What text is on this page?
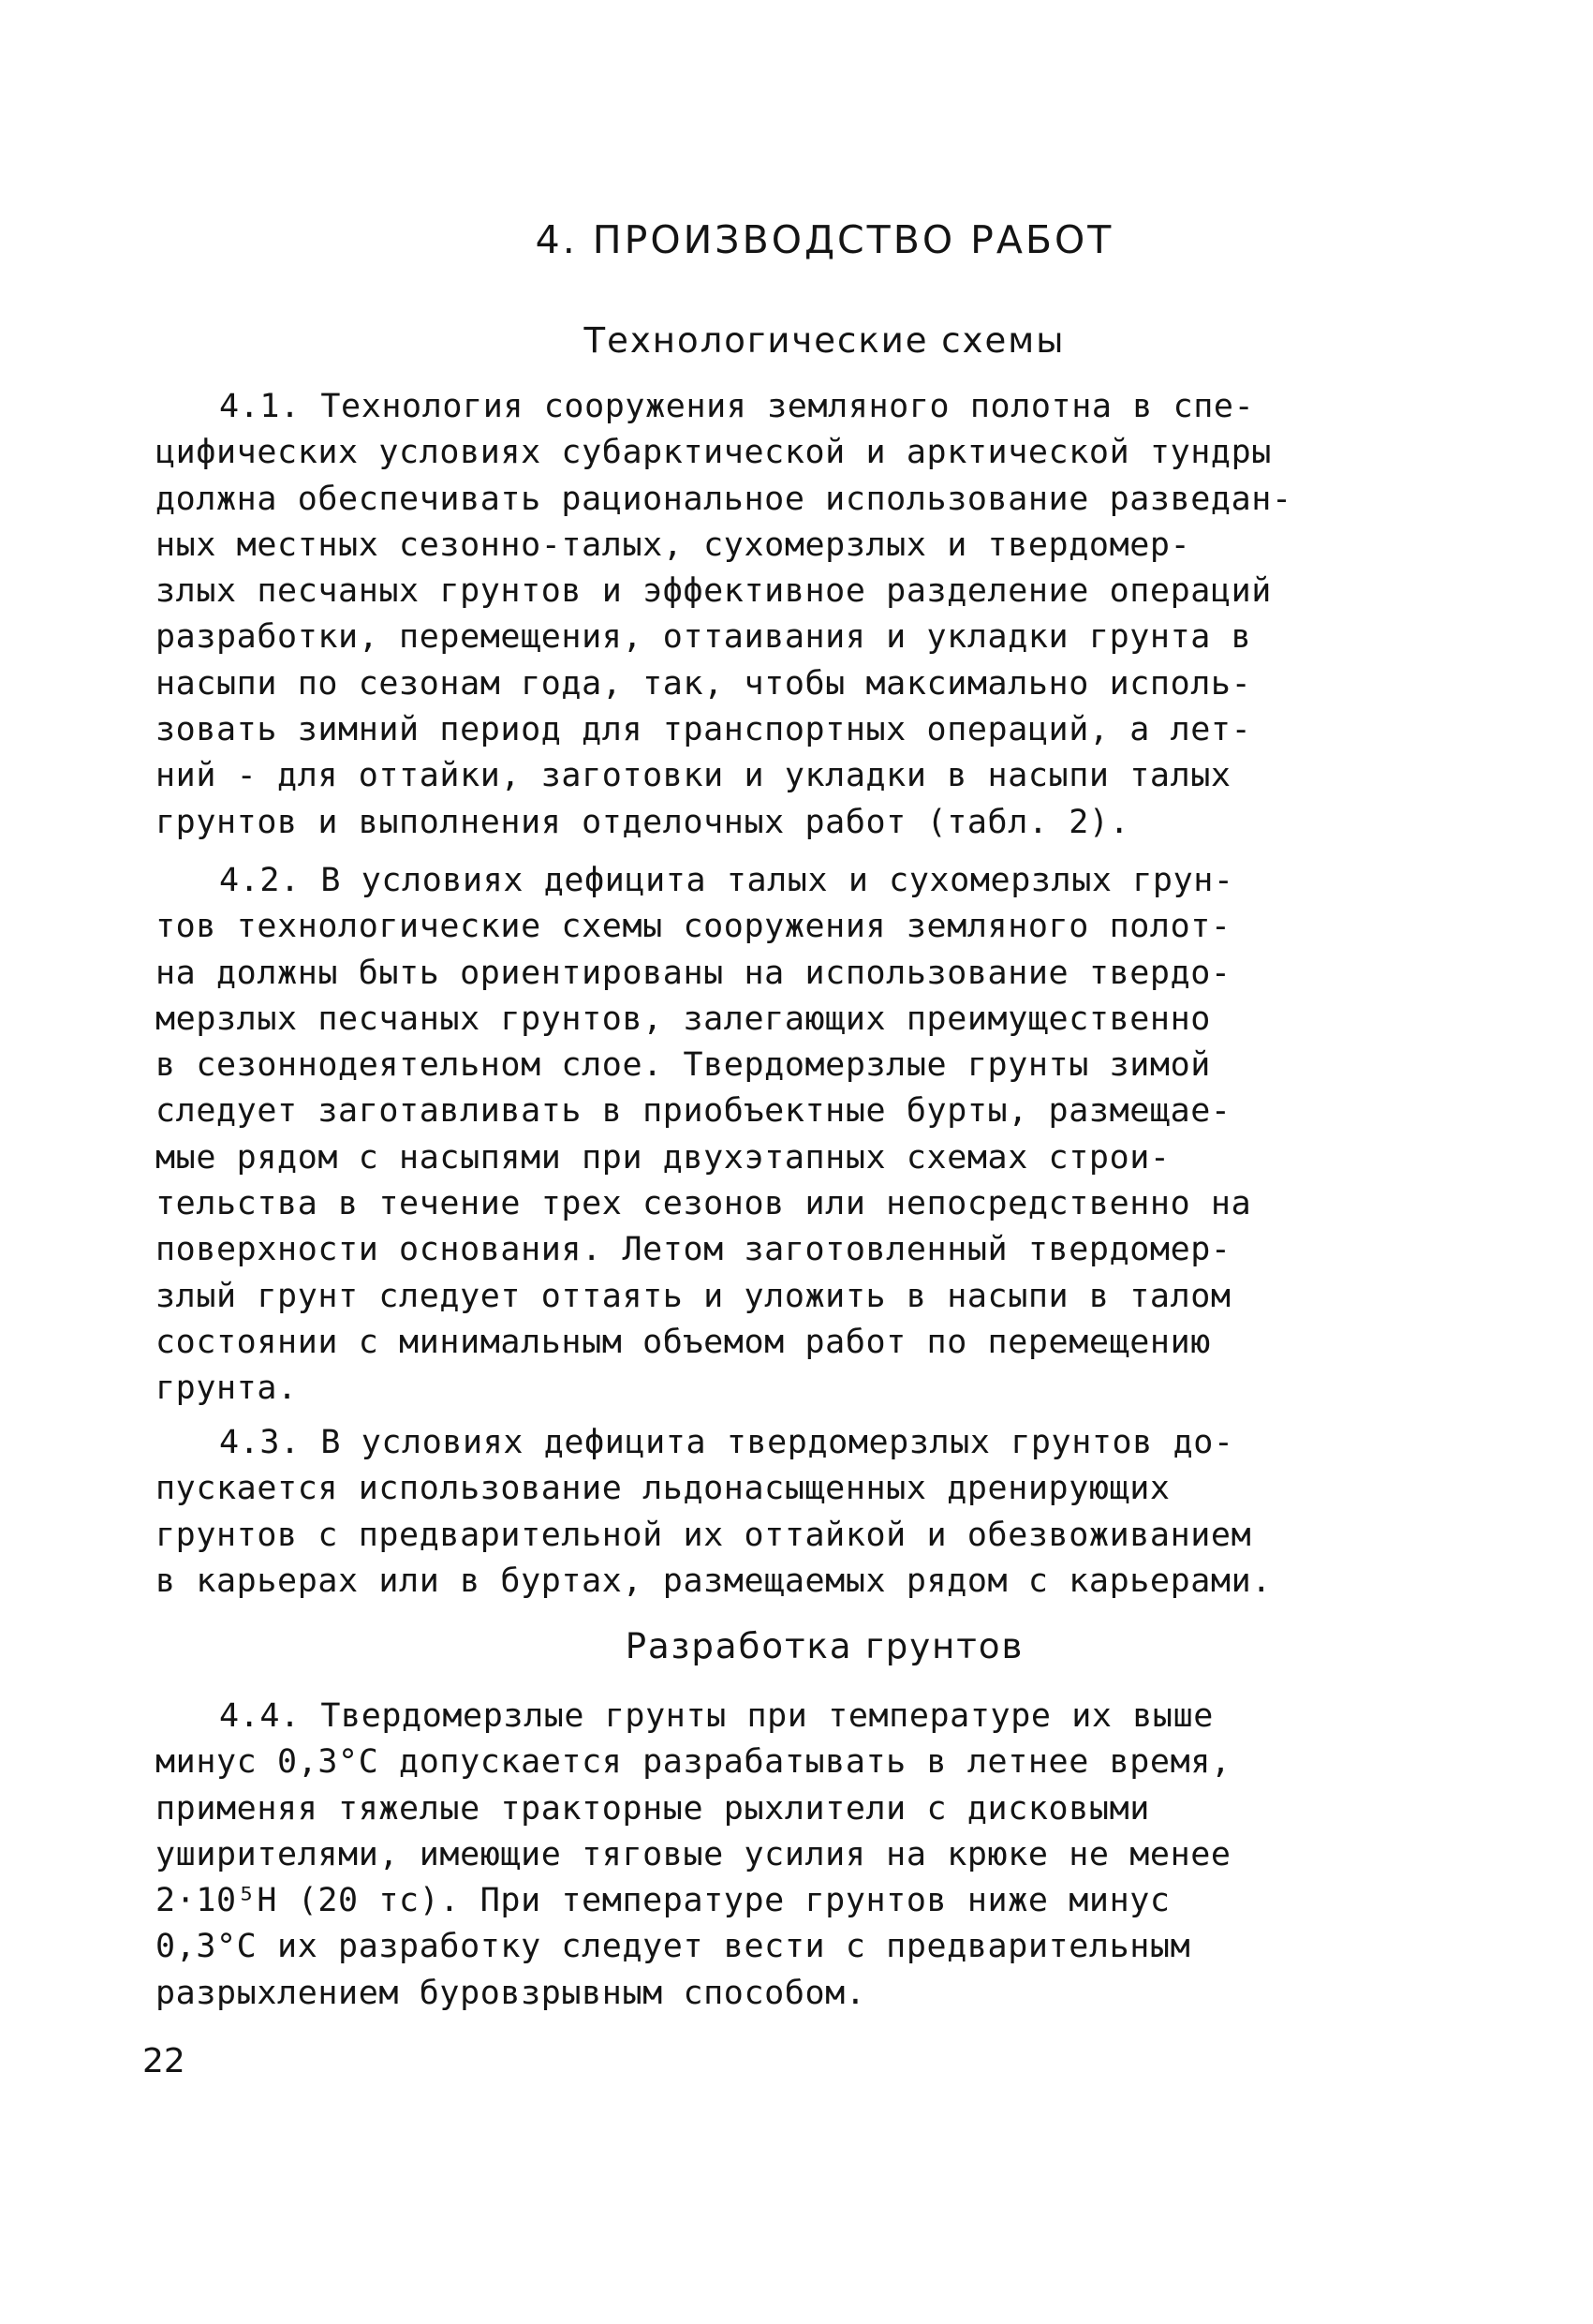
4. ПРОИЗВОДСТВО РАБОТ
Технологические схемы
4.1. Технология сооружения земляного полотна в спе-
цифических условиях субарктической и арктической тундры
должна обеспечивать рациональное использование разведан-
ных местных сезонно-талых, сухомерзлых и твердомер-
злых песчаных грунтов и эффективное разделение операций
разработки, перемещения, оттаивания и укладки грунта в
насыпи по сезонам года, так, чтобы максимально исполь-
зовать зимний период для транспортных операций, а лет-
ний - для оттайки, заготовки и укладки в насыпи талых
грунтов и выполнения отделочных работ (табл. 2).
4.2. В условиях дефицита талых и сухомерзлых грун-
тов технологические схемы сооружения земляного полот-
на должны быть ориентированы на использование твердо-
мерзлых песчаных грунтов, залегающих преимущественно
в сезоннодеятельном слое. Твердомерзлые грунты зимой
следует заготавливать в приобъектные бурты, размещае-
мые рядом с насыпями при двухэтапных схемах строи-
тельства в течение трех сезонов или непосредственно на
поверхности основания. Летом заготовленный твердомер-
злый грунт следует оттаять и уложить в насыпи в талом
состоянии с минимальным объемом работ по перемещению
грунта.
4.3. В условиях дефицита твердомерзлых грунтов до-
пускается использование льдонасыщенных дренирующих
грунтов с предварительной их оттайкой и обезвоживанием
в карьерах или в буртах, размещаемых рядом с карьерами.
Разработка грунтов
4.4. Твердомерзлые грунты при температуре их выше
минус 0,3°С допускается разрабатывать в летнее время,
применяя тяжелые тракторные рыхлители с дисковыми
уширителями, имеющие тяговые усилия на крюке не менее
2·10⁵Н (20 тс). При температуре грунтов ниже минус
0,3°С их разработку следует вести с предварительным
разрыхлением буровзрывным способом.
22
